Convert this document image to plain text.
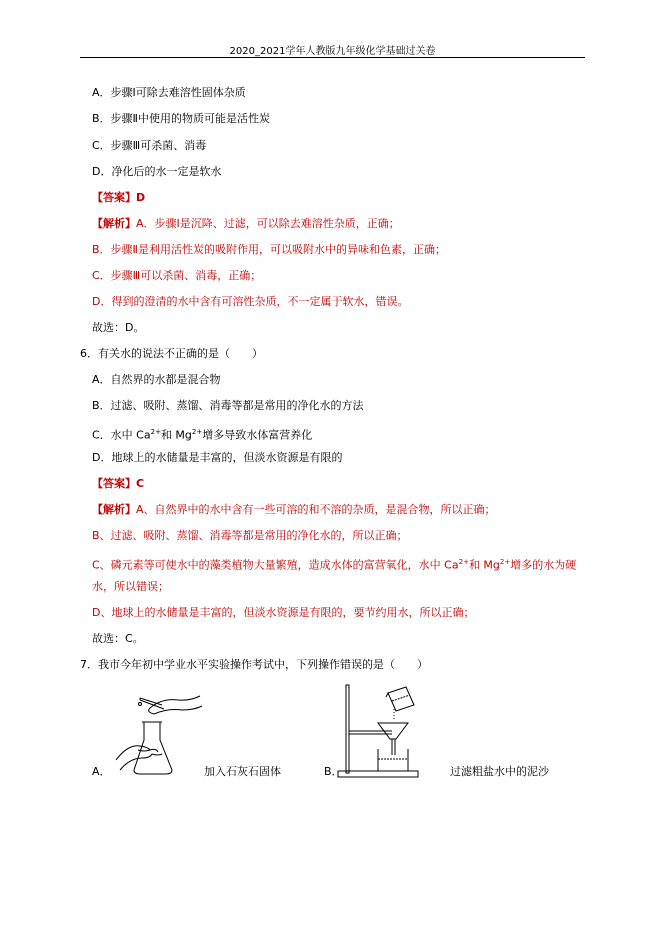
2020_2021学年人教版九年级化学基础过关卷
A．步骤Ⅰ可除去难溶性固体杂质
B．步骤Ⅱ中使用的物质可能是活性炭
C．步骤Ⅲ可杀菌、消毒
D．净化后的水一定是软水
【答案】D
【解析】A．步骤Ⅰ是沉降、过滤，可以除去难溶性杂质，正确；
B．步骤Ⅱ是利用活性炭的吸附作用，可以吸附水中的异味和色素，正确；
C．步骤Ⅲ可以杀菌、消毒，正确；
D．得到的澄清的水中含有可溶性杂质，不一定属于软水，错误。
故选：D。
6．有关水的说法不正确的是（　　）
A．自然界的水都是混合物
B．过滤、吸附、蒸馏、消毒等都是常用的净化水的方法
C．水中 $Ca^{2+}$和 $Mg^{2+}$增多导致水体富营养化
D．地球上的水储量是丰富的，但淡水资源是有限的
【答案】C
【解析】A、自然界中的水中含有一些可溶的和不溶的杂质，是混合物，所以正确；
B、过滤、吸附、蒸馏、消毒等都是常用的净化水的，所以正确；
C、磷元素等可使水中的藻类植物大量繁殖，造成水体的富营氧化，水中 $Ca^{2+}$和 $Mg^{2+}$增多的水为硬
水，所以错误；
D、地球上的水储量是丰富的，但淡水资源是有限的，要节约用水，所以正确；
故选：C。
7．我市今年初中学业水平实验操作考试中，下列操作错误的是（　　）
A．	加入石灰石固体	B．	过滤粗盐水中的泥沙
